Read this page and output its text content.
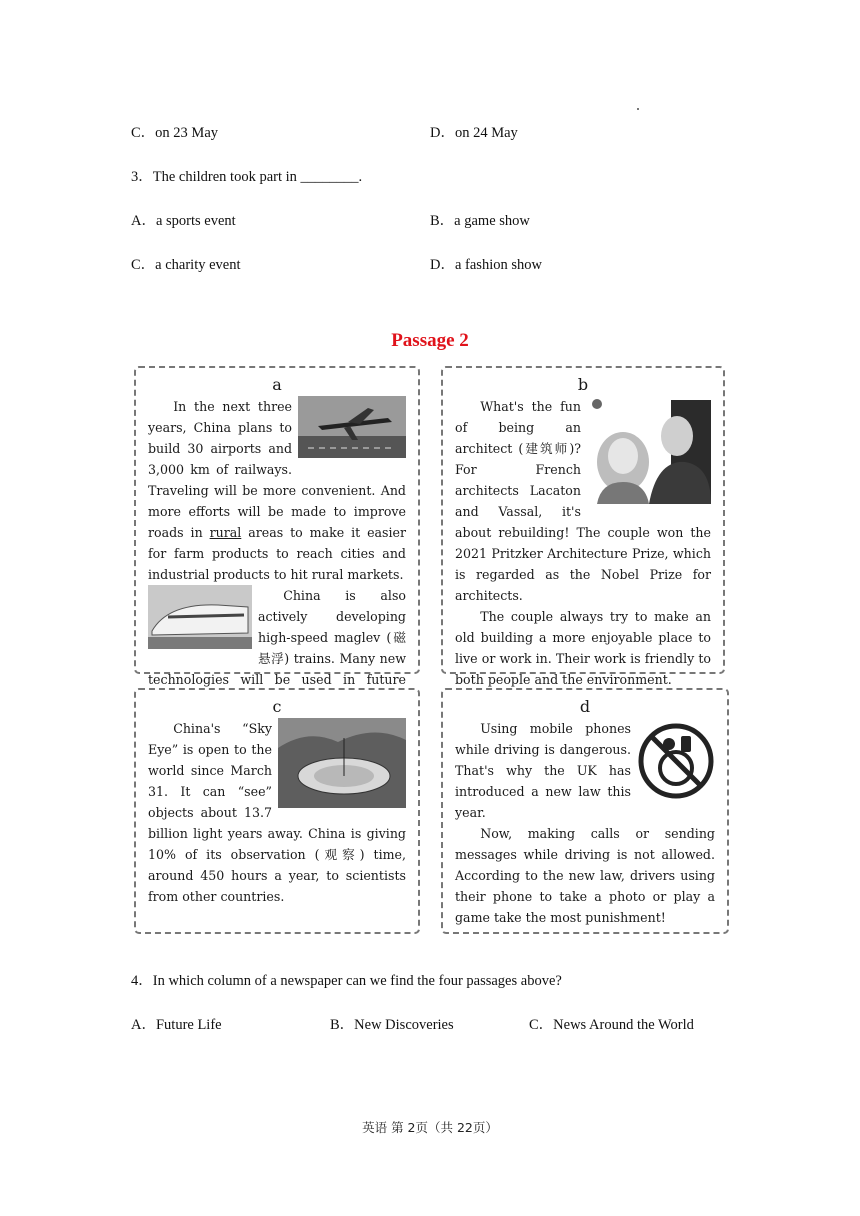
C．on 23 May	D．on 24 May
3．The children took part in ________.
A．a sports event	B．a game show
C．a charity event	D．a fashion show
Passage 2
a

In the next three years, China plans to build 30 airports and 3,000 km of railways. Traveling will be more convenient. And more efforts will be made to improve roads in rural areas to make it easier for farm products to reach cities and industrial products to hit rural markets.

China is also actively developing high-speed maglev (磁悬浮) trains. Many new technologies will be used in future

b

What's the fun of being an architect (建筑师)? For French architects Lacaton and Vassal, it's about rebuilding! The couple won the 2021 Pritzker Architecture Prize, which is regarded as the Nobel Prize for architects.

The couple always try to make an old building a more enjoyable place to live or work in. Their work is friendly to both people and the environment.

c

China's “Sky Eye” is open to the world since March 31. It can “see” objects about 13.7 billion light years away. China is giving 10% of its observation (观察) time, around 450 hours a year, to scientists from other countries.

d

Using mobile phones while driving is dangerous. That's why the UK has introduced a new law this year.

Now, making calls or sending messages while driving is not allowed. According to the new law, drivers using their phone to take a photo or play a game take the most punishment!

4．In which column of a newspaper can we find the four passages above?
A．Future Life	B．New Discoveries	C．News Around the World
英语 第 2页（共 22页）
